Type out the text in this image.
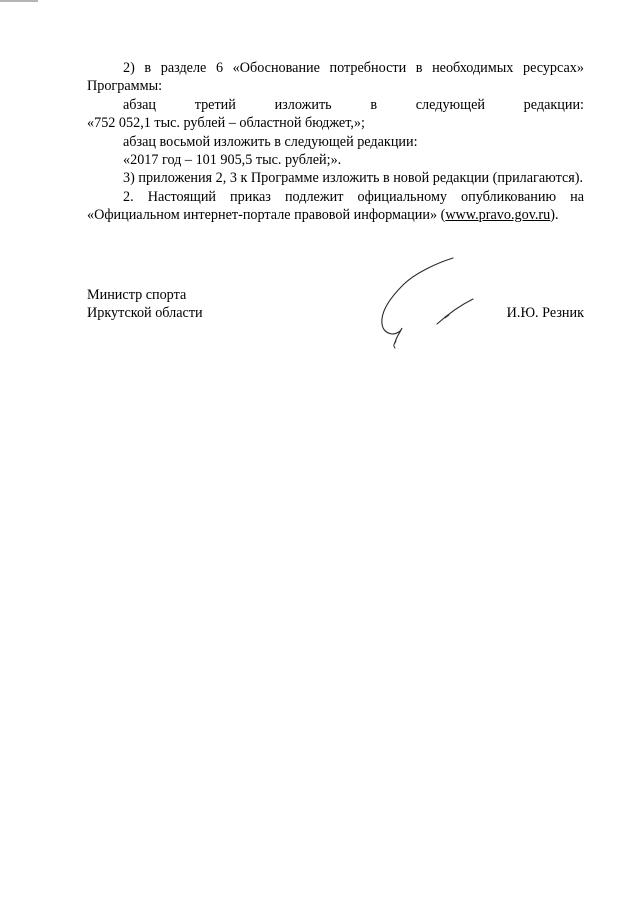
2) в разделе 6 «Обоснование потребности в необходимых ресурсах» Программы:

абзац третий изложить в следующей редакции:

«752 052,1 тыс. рублей – областной бюджет,»;

абзац восьмой изложить в следующей редакции:

«2017 год – 101 905,5 тыс. рублей;».

3) приложения 2, 3 к Программе изложить в новой редакции (прилагаются).

2. Настоящий приказ подлежит официальному опубликованию на «Официальном интернет-портале правовой информации» (www.pravo.gov.ru).

Министр спорта
Иркутской области	И.Ю. Резник
